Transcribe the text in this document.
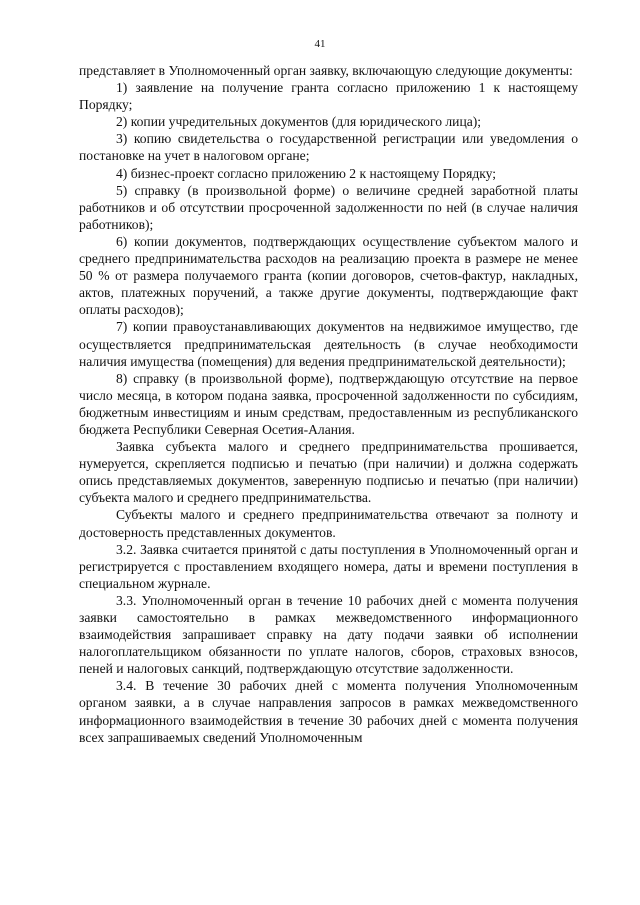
41

представляет в Уполномоченный орган заявку, включающую следующие документы:

1) заявление на получение гранта согласно приложению 1 к настоящему Порядку;

2) копии учредительных документов (для юридического лица);

3) копию свидетельства о государственной регистрации или уведомления о постановке на учет в налоговом органе;

4) бизнес-проект согласно приложению 2 к настоящему Порядку;

5) справку (в произвольной форме) о величине средней заработной платы работников и об отсутствии просроченной задолженности по ней (в случае наличия работников);

6) копии документов, подтверждающих осуществление субъектом малого и среднего предпринимательства расходов на реализацию проекта в размере не менее 50 % от размера получаемого гранта (копии договоров, счетов-фактур, накладных, актов, платежных поручений, а также другие документы, подтверждающие факт оплаты расходов);

7) копии правоустанавливающих документов на недвижимое имущество, где осуществляется предпринимательская деятельность (в случае необходимости наличия имущества (помещения) для ведения предпринимательской деятельности);

8) справку (в произвольной форме), подтверждающую отсутствие на первое число месяца, в котором подана заявка, просроченной задолженности по субсидиям, бюджетным инвестициям и иным средствам, предоставленным из республиканского бюджета Республики Северная Осетия-Алания.

Заявка субъекта малого и среднего предпринимательства прошивается, нумеруется, скрепляется подписью и печатью (при наличии) и должна содержать опись представляемых документов, заверенную подписью и печатью (при наличии) субъекта малого и среднего предпринимательства.

Субъекты малого и среднего предпринимательства отвечают за полноту и достоверность представленных документов.

3.2. Заявка считается принятой с даты поступления в Уполномоченный орган и регистрируется с проставлением входящего номера, даты и времени поступления в специальном журнале.

3.3. Уполномоченный орган в течение 10 рабочих дней с момента получения заявки самостоятельно в рамках межведомственного информационного взаимодействия запрашивает справку на дату подачи заявки об исполнении налогоплательщиком обязанности по уплате налогов, сборов, страховых взносов, пеней и налоговых санкций, подтверждающую отсутствие задолженности.

3.4. В течение 30 рабочих дней с момента получения Уполномоченным органом заявки, а в случае направления запросов в рамках межведомственного информационного взаимодействия в течение 30 рабочих дней с момента получения всех запрашиваемых сведений Уполномоченным
